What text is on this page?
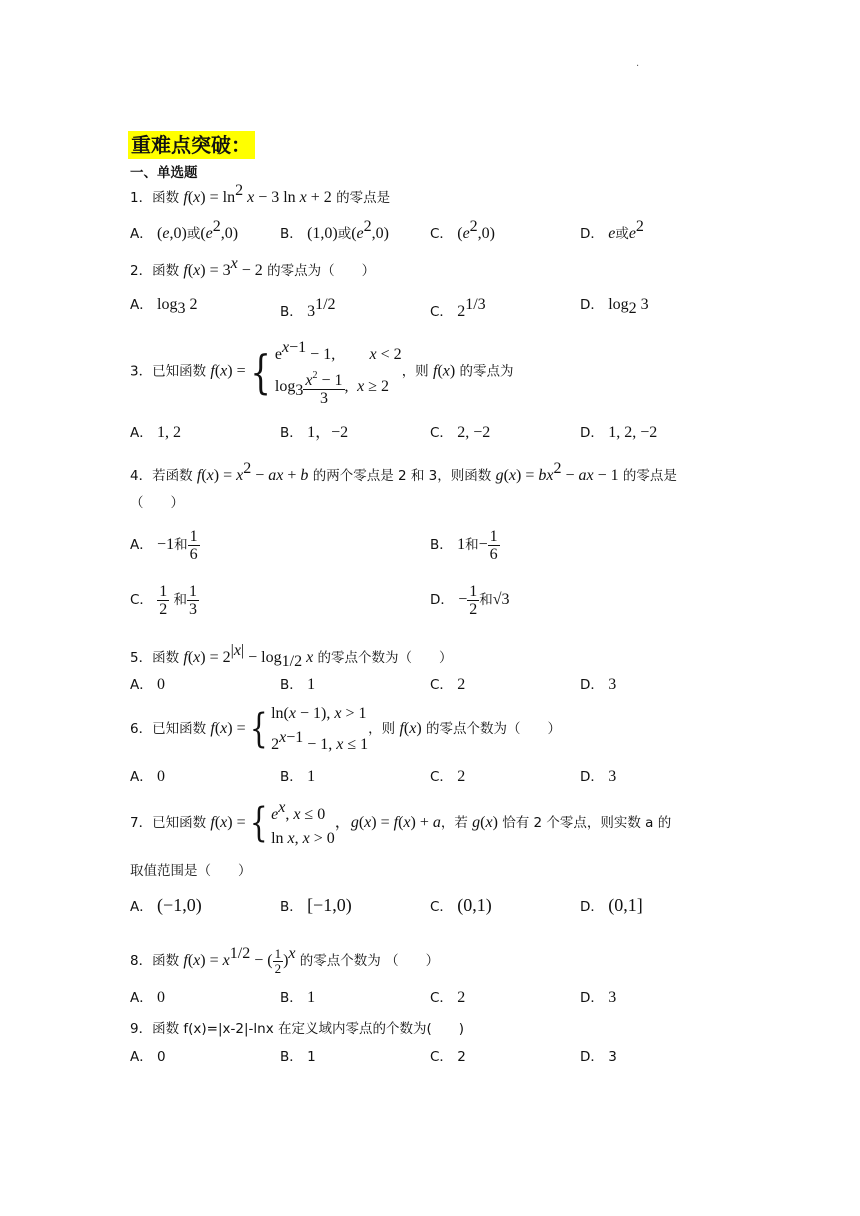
.
重难点突破：
一、单选题
1．函数 $f(x) = \ln^2 x - 3$ ln x + 2 的零点是
A． (e,0)或$(e^2,0)$	B． (1,0)或$(e^2,0)$	C． $(e^2,0)$	D． e或$e^2$
2．函数 $f(x) = 3^x - 2$ 的零点为（　　）
A． $\log_3 2$	B． $3^{1/2}$	C． $2^{1/3}$	D． $\log_2 3$
3．已知函数 f(x) ={ $e^{x-1} - 1$, x < 2
$\log_3 \frac{x^2 - 1}{3}$ , x ≥ 2
，则 f(x) 的零点为
A． 1, 2	B． 1，−2	C． 2, −2	D． 1, 2, −2
4．若函数 $f(x) = x^2$ − ax + b 的两个零点是 2 和 3，则函数 $g(x) = bx^2$ − ax − 1 的零点是
（　　）
A． −1和 $\frac{1}{6}$	B． 1和− $\frac{1}{6}$
C． $\frac{1}{2}$ 和 $\frac{1}{3}$	D． − $\frac{1}{2}$ 和√3
5．函数 $f(x) = 2^{|x|} - \log_{1/2} x$ 的零点个数为（　　）
A． 0	B． 1	C． 2	D． 3
6．已知函数 f(x) ={ ln(x − 1), x > 1
$2^{x-1} - 1$, x ≤ 1
，则 f(x) 的零点个数为（　　）
A． 0	B． 1	C． 2	D． 3
7．已知函数 f(x) ={ $e^x$, x ≤ 0
ln x, x > 0
，g(x) = f(x) + a，若 g(x) 恰有 2 个零点，则实数 a 的
取值范围是（　　）
A． (−1,0)	B． [−1,0)	C． (0,1)	D． (0,1]
8．函数 $f(x) = x^{1/2}$ − ( $\frac{1}{2} )^x$ 的零点个数为 （　　）
A． 0	B． 1	C． 2	D． 3
9．函数 f(x)=|x-2|-lnx 在定义域内零点的个数为(　　)
A． 0	B． 1	C． 2	D． 3
